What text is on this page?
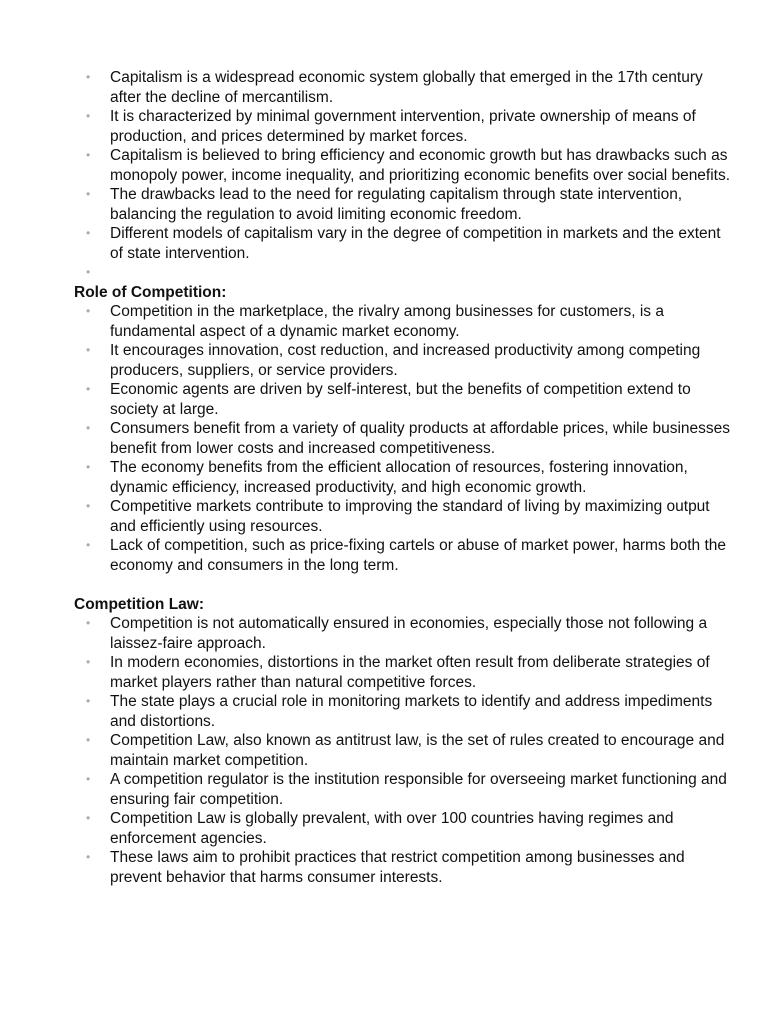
• Capitalism is a widespread economic system globally that emerged in the 17th century after the decline of mercantilism.
• It is characterized by minimal government intervention, private ownership of means of production, and prices determined by market forces.
• Capitalism is believed to bring efficiency and economic growth but has drawbacks such as monopoly power, income inequality, and prioritizing economic benefits over social benefits.
• The drawbacks lead to the need for regulating capitalism through state intervention, balancing the regulation to avoid limiting economic freedom.
• Different models of capitalism vary in the degree of competition in markets and the extent of state intervention.
•

Role of Competition:

• Competition in the marketplace, the rivalry among businesses for customers, is a fundamental aspect of a dynamic market economy.
• It encourages innovation, cost reduction, and increased productivity among competing producers, suppliers, or service providers.
• Economic agents are driven by self-interest, but the benefits of competition extend to society at large.
• Consumers benefit from a variety of quality products at affordable prices, while businesses benefit from lower costs and increased competitiveness.
• The economy benefits from the efficient allocation of resources, fostering innovation, dynamic efficiency, increased productivity, and high economic growth.
• Competitive markets contribute to improving the standard of living by maximizing output and efficiently using resources.
• Lack of competition, such as price-fixing cartels or abuse of market power, harms both the economy and consumers in the long term.

Competition Law:

• Competition is not automatically ensured in economies, especially those not following a laissez-faire approach.
• In modern economies, distortions in the market often result from deliberate strategies of market players rather than natural competitive forces.
• The state plays a crucial role in monitoring markets to identify and address impediments and distortions.
• Competition Law, also known as antitrust law, is the set of rules created to encourage and maintain market competition.
• A competition regulator is the institution responsible for overseeing market functioning and ensuring fair competition.
• Competition Law is globally prevalent, with over 100 countries having regimes and enforcement agencies.
• These laws aim to prohibit practices that restrict competition among businesses and prevent behavior that harms consumer interests.
